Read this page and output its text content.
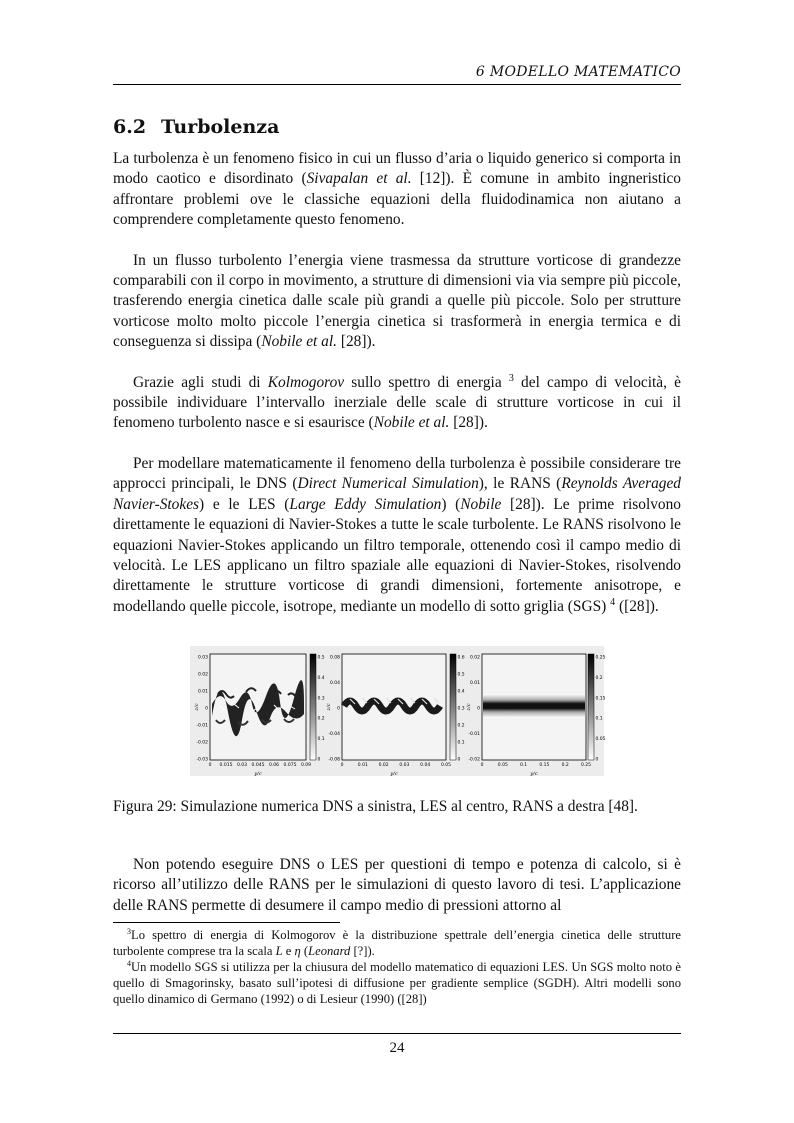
6 MODELLO MATEMATICO
6.2 Turbolenza

La turbolenza è un fenomeno fisico in cui un flusso d’aria o liquido generico si comporta in modo caotico e disordinato (Sivapalan et al. [12]). È comune in ambito ingneristico affrontare problemi ove le classiche equazioni della fluidodinamica non aiutano a comprendere completamente questo fenomeno.

In un flusso turbolento l’energia viene trasmessa da strutture vorticose di grandezze comparabili con il corpo in movimento, a strutture di dimensioni via via sempre più piccole, trasferendo energia cinetica dalle scale più grandi a quelle più piccole. Solo per strutture vorticose molto molto piccole l’energia cinetica si trasformerà in energia termica e di conseguenza si dissipa (Nobile et al. [28]).

Grazie agli studi di Kolmogorov sullo spettro di energia $^3$ del campo di velocità, è possibile individuare l’intervallo inerziale delle scale di strutture vorticose in cui il fenomeno turbolento nasce e si esaurisce (Nobile et al. [28]).

Per modellare matematicamente il fenomeno della turbolenza è possibile considerare tre approcci principali, le DNS (Direct Numerical Simulation), le RANS (Reynolds Averaged Navier-Stokes) e le LES (Large Eddy Simulation) (Nobile [28]). Le prime risolvono direttamente le equazioni di Navier-Stokes a tutte le scale turbolente. Le RANS risolvono le equazioni Navier-Stokes applicando un filtro temporale, ottenendo così il campo medio di velocità. Le LES applicano un filtro spaziale alle equazioni di Navier-Stokes, risolvendo direttamente le strutture vorticose di grandi dimensioni, fortemente anisotrope, e modellando quelle piccole, isotrope, mediante un modello di sotto griglia (SGS) $^4$ ([28]).

0.03
0.02
0.01
0
-0.01
-0.02
-0.03
0 0.015 0.03 0.045 0.06 0.075 0.09
0.5
0.4
0.3
0.2
0.1
0
y/c
z/c
0.08
0.04
0
-0.04
-0.08
0	0.01 0.02 0.03 0.04 0.05
0.6
0.5
0.4
0.3
0.2
0.1
0
y/c
z/c
0.02
0.01
0
-0.01
-0.02
0	0.05	0.1	0.15	0.2	0.25
0.25
0.2
0.15
0.1
0.05
0
y/c
z/c
Figura 29: Simulazione numerica DNS a sinistra, LES al centro, RANS a destra [48].

Non potendo eseguire DNS o LES per questioni di tempo e potenza di calcolo, si è ricorso all’utilizzo delle RANS per le simulazioni di questo lavoro di tesi. L’applicazione delle RANS permette di desumere il campo medio di pressioni attorno al

$^3$Lo spettro di energia di Kolmogorov è la distribuzione spettrale dell’energia cinetica delle strutture turbolente comprese tra la scala L e η (Leonard [?]).

$^4$Un modello SGS si utilizza per la chiusura del modello matematico di equazioni LES. Un SGS molto noto è quello di Smagorinsky, basato sull’ipotesi di diffusione per gradiente semplice (SGDH). Altri modelli sono quello dinamico di Germano (1992) o di Lesieur (1990) ([28])

24
